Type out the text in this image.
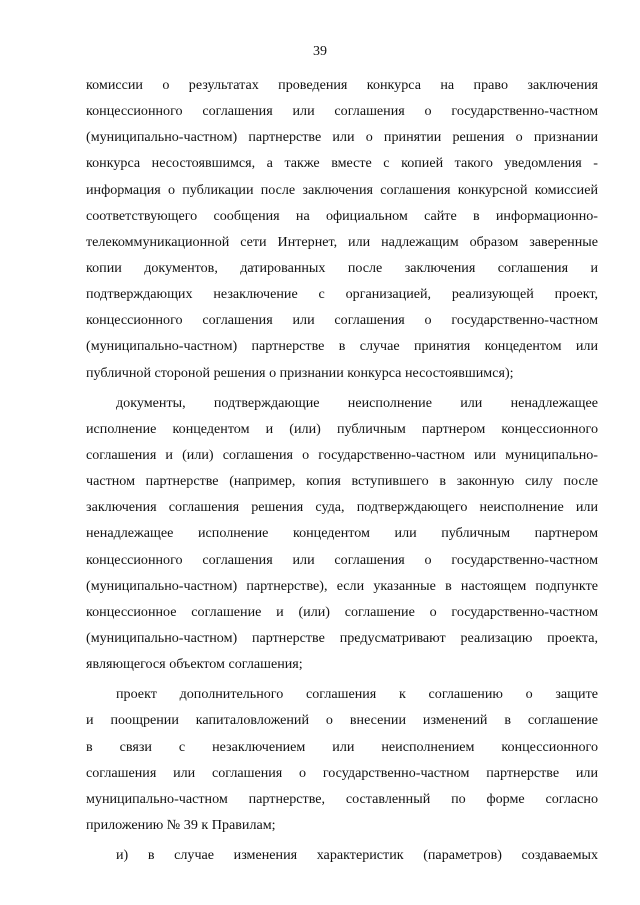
39
комиссии о результатах проведения конкурса на право заключения
концессионного соглашения или соглашения о государственно-частном
(муниципально-частном) партнерстве или о принятии решения о признании
конкурса несостоявшимся, а также вместе с копией такого уведомления -
информация о публикации после заключения соглашения конкурсной комиссией
соответствующего сообщения на официальном сайте в информационно-
телекоммуникационной сети Интернет, или надлежащим образом заверенные
копии документов, датированных после заключения соглашения и
подтверждающих незаключение с организацией, реализующей проект,
концессионного соглашения или соглашения о государственно-частном
(муниципально-частном) партнерстве в случае принятия концедентом или
публичной стороной решения о признании конкурса несостоявшимся);
документы, подтверждающие неисполнение или ненадлежащее
исполнение концедентом и (или) публичным партнером концессионного
соглашения и (или) соглашения о государственно-частном или муниципально-
частном партнерстве (например, копия вступившего в законную силу после
заключения соглашения решения суда, подтверждающего неисполнение или
ненадлежащее исполнение концедентом или публичным партнером
концессионного соглашения или соглашения о государственно-частном
(муниципально-частном) партнерстве), если указанные в настоящем подпункте
концессионное соглашение и (или) соглашение о государственно-частном
(муниципально-частном) партнерстве предусматривают реализацию проекта,
являющегося объектом соглашения;
проект дополнительного соглашения к соглашению о защите
и поощрении капиталовложений о внесении изменений в соглашение
в связи с незаключением или неисполнением концессионного
соглашения или соглашения о государственно-частном партнерстве или
муниципально-частном партнерстве, составленный по форме согласно
приложению № 39 к Правилам;
и) в случае изменения характеристик (параметров) создаваемых
